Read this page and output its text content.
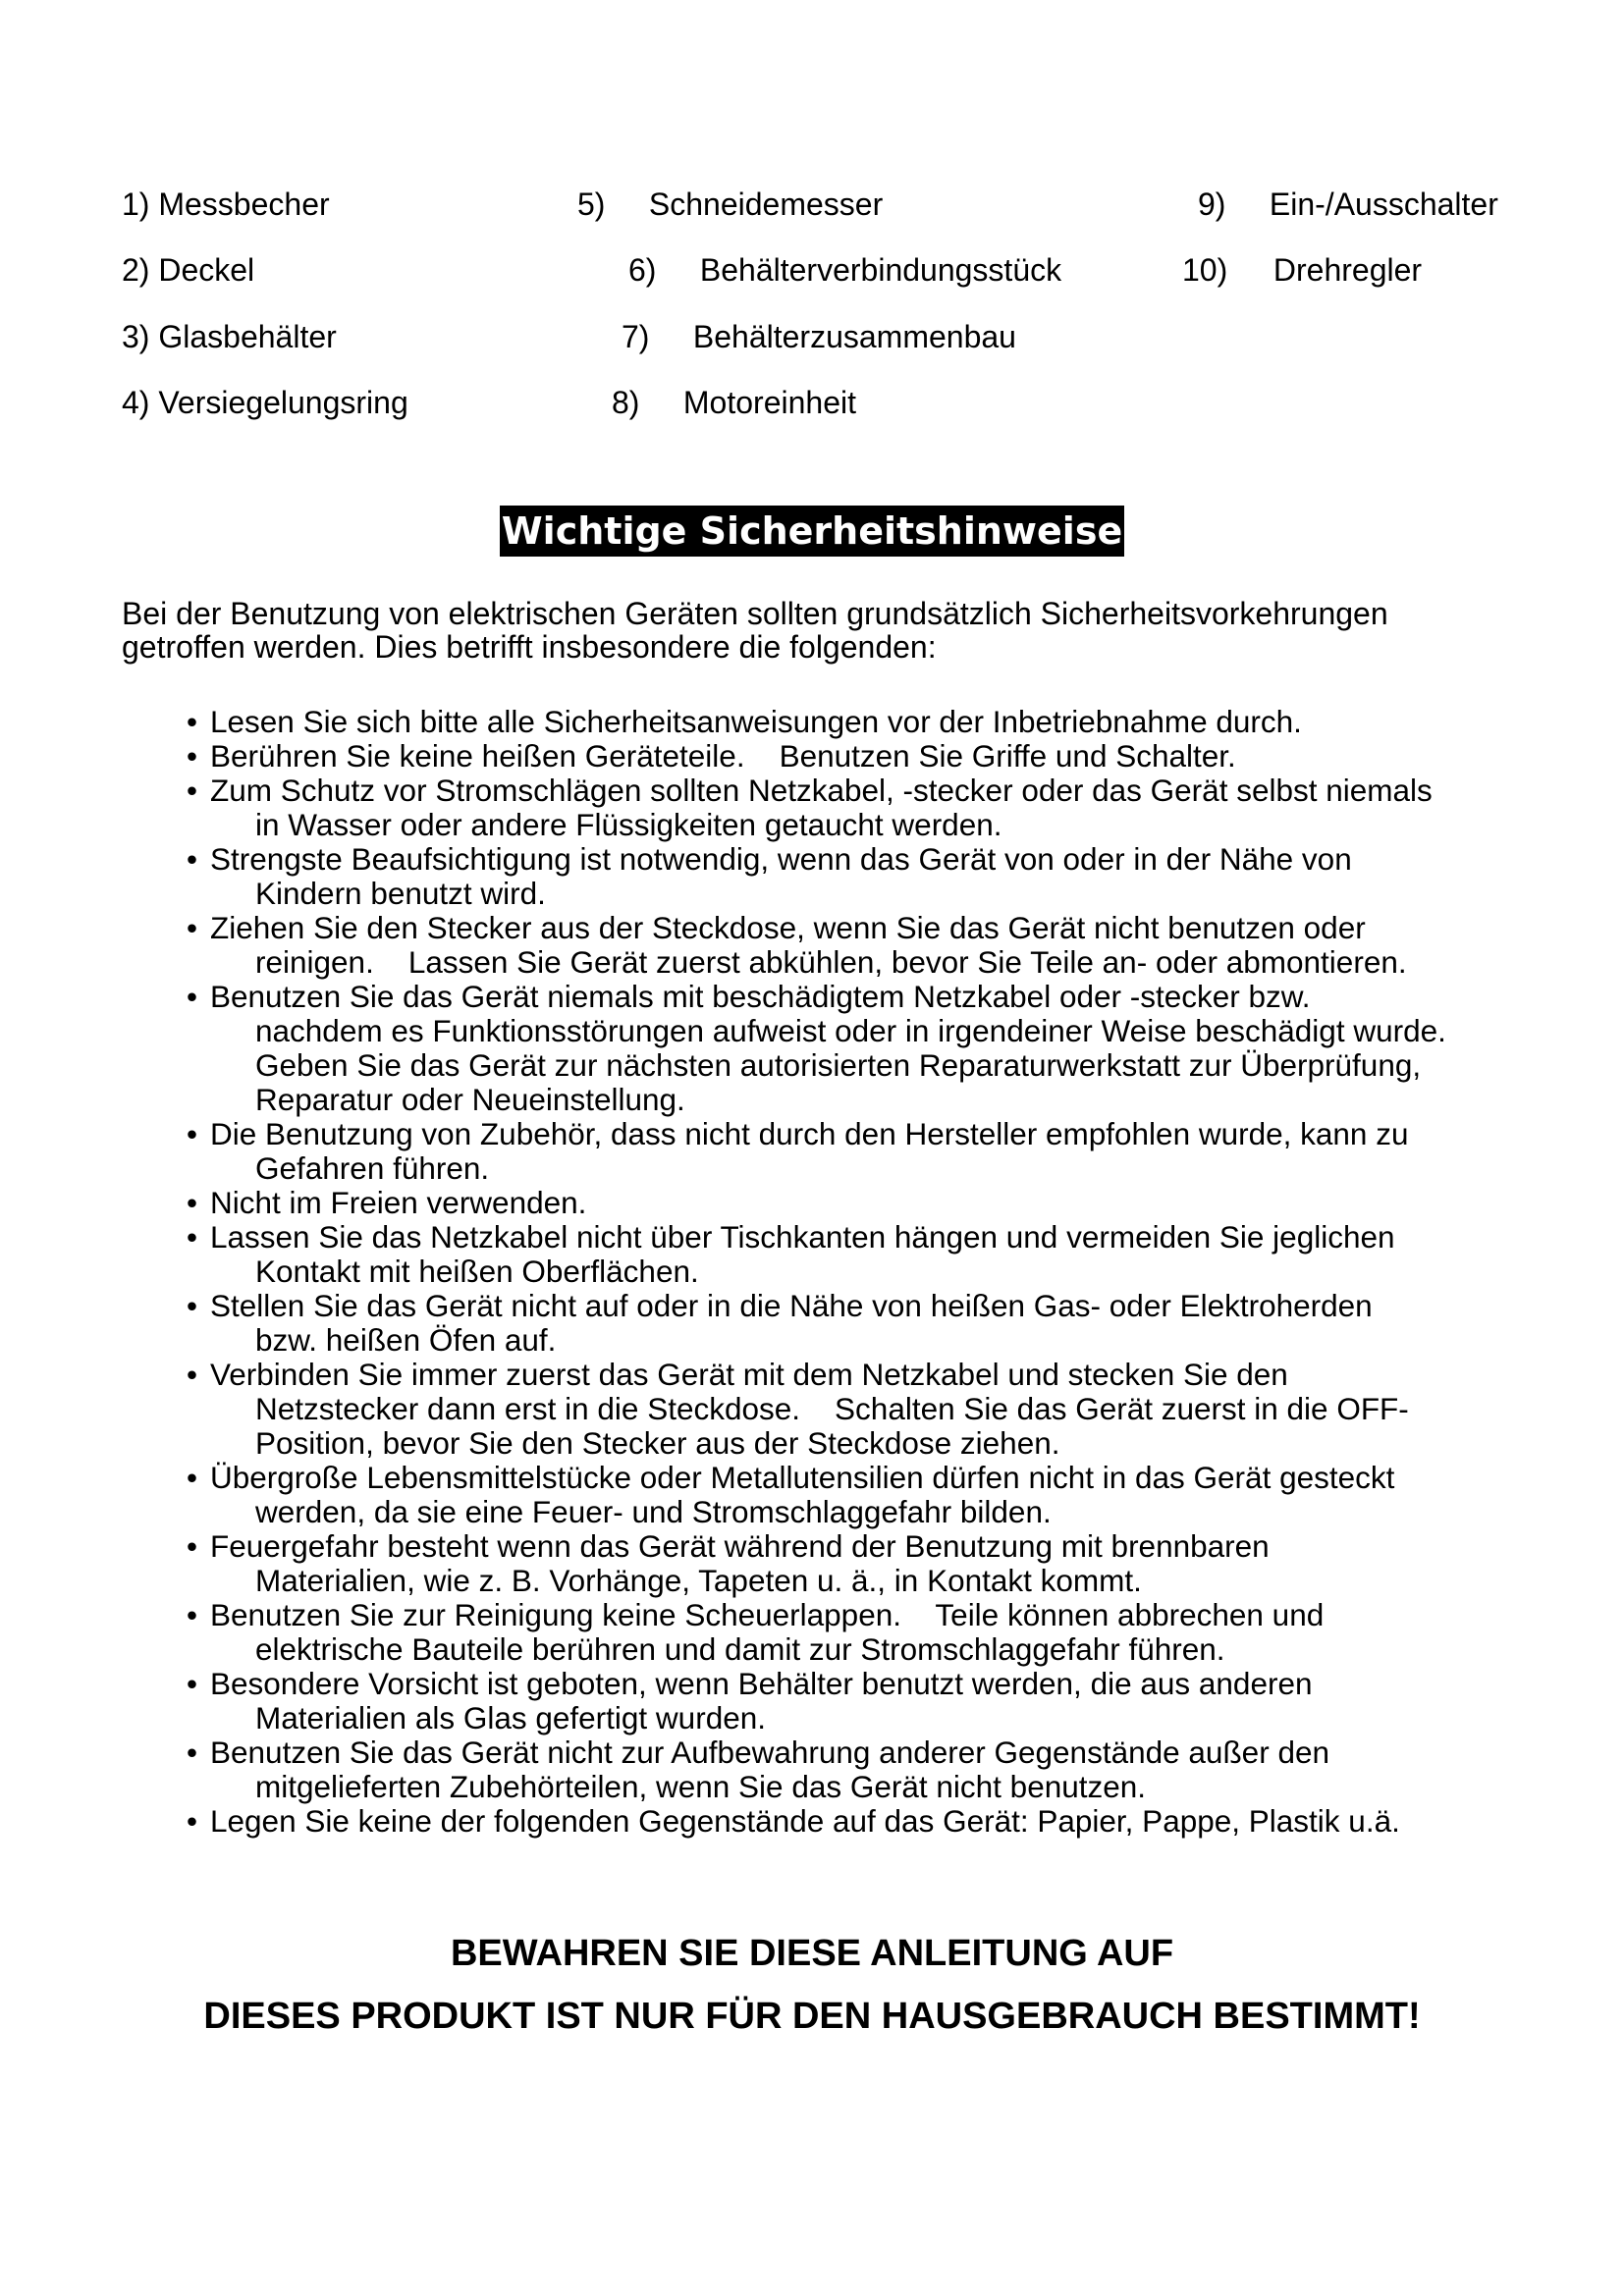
1) Messbecher
2) Deckel
3) Glasbehälter
4) Versiegelungsring
5) Schneidemesser
6) Behälterverbindungsstück
7) Behälterzusammenbau
8) Motoreinheit
9) Ein-/Ausschalter
10) Drehregler
Wichtige Sicherheitshinweise
Bei der Benutzung von elektrischen Geräten sollten grundsätzlich Sicherheitsvorkehrungen getroffen werden. Dies betrifft insbesondere die folgenden:
• Lesen Sie sich bitte alle Sicherheitsanweisungen vor der Inbetriebnahme durch.
• Berühren Sie keine heißen Geräteteile.    Benutzen Sie Griffe und Schalter.
• Zum Schutz vor Stromschlägen sollten Netzkabel, -stecker oder das Gerät selbst niemals
in Wasser oder andere Flüssigkeiten getaucht werden.
• Strengste Beaufsichtigung ist notwendig, wenn das Gerät von oder in der Nähe von
Kindern benutzt wird.
• Ziehen Sie den Stecker aus der Steckdose, wenn Sie das Gerät nicht benutzen oder
reinigen.    Lassen Sie Gerät zuerst abkühlen, bevor Sie Teile an- oder abmontieren.
• Benutzen Sie das Gerät niemals mit beschädigtem Netzkabel oder -stecker bzw.
nachdem es Funktionsstörungen aufweist oder in irgendeiner Weise beschädigt wurde.    Geben Sie das Gerät zur nächsten autorisierten Reparaturwerkstatt zur Überprüfung, Reparatur oder Neueinstellung.
• Die Benutzung von Zubehör, dass nicht durch den Hersteller empfohlen wurde, kann zu
Gefahren führen.
• Nicht im Freien verwenden.
• Lassen Sie das Netzkabel nicht über Tischkanten hängen und vermeiden Sie jeglichen
Kontakt mit heißen Oberflächen.
• Stellen Sie das Gerät nicht auf oder in die Nähe von heißen Gas- oder Elektroherden
bzw. heißen Öfen auf.
• Verbinden Sie immer zuerst das Gerät mit dem Netzkabel und stecken Sie den
Netzstecker dann erst in die Steckdose.    Schalten Sie das Gerät zuerst in die OFF-Position, bevor Sie den Stecker aus der Steckdose ziehen.
• Übergroße Lebensmittelstücke oder Metallutensilien dürfen nicht in das Gerät gesteckt
werden, da sie eine Feuer- und Stromschlaggefahr bilden.
• Feuergefahr besteht wenn das Gerät während der Benutzung mit brennbaren
Materialien, wie z. B. Vorhänge, Tapeten u. ä., in Kontakt kommt.
• Benutzen Sie zur Reinigung keine Scheuerlappen.    Teile können abbrechen und
elektrische Bauteile berühren und damit zur Stromschlaggefahr führen.
• Besondere Vorsicht ist geboten, wenn Behälter benutzt werden, die aus anderen
Materialien als Glas gefertigt wurden.
• Benutzen Sie das Gerät nicht zur Aufbewahrung anderer Gegenstände außer den
mitgelieferten Zubehörteilen, wenn Sie das Gerät nicht benutzen.
• Legen Sie keine der folgenden Gegenstände auf das Gerät: Papier, Pappe, Plastik u.ä.
BEWAHREN SIE DIESE ANLEITUNG AUF
DIESES PRODUKT IST NUR FÜR DEN HAUSGEBRAUCH BESTIMMT!
